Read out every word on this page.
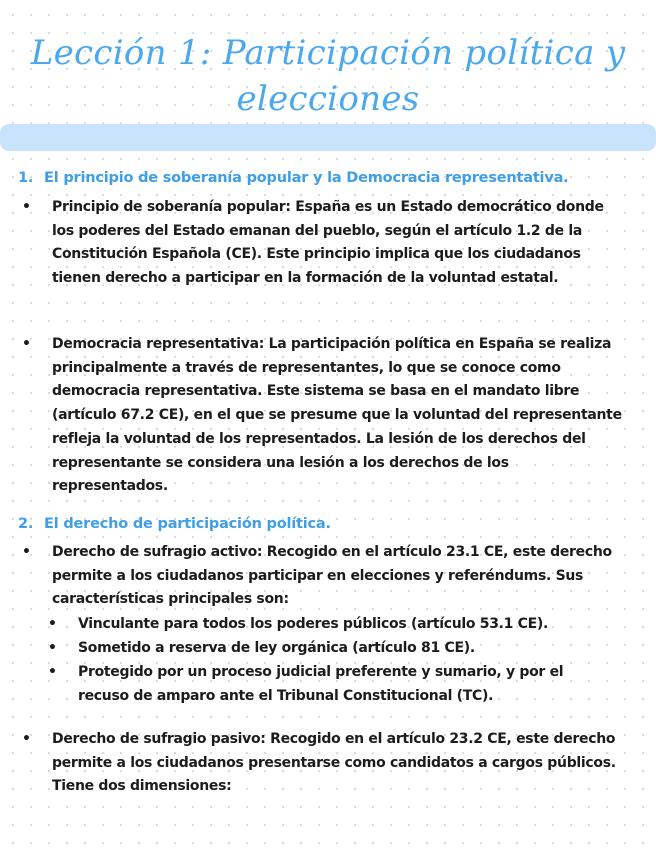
Lección 1: Participación política y
elecciones
1. El principio de soberanía popular y la Democracia representativa.
• Principio de soberanía popular: España es un Estado democrático donde los poderes del Estado emanan del pueblo, según el artículo 1.2 de la Constitución Española (CE). Este principio implica que los ciudadanos tienen derecho a participar en la formación de la voluntad estatal.
• Democracia representativa: La participación política en España se realiza principalmente a través de representantes, lo que se conoce como democracia representativa. Este sistema se basa en el mandato libre (artículo 67.2 CE), en el que se presume que la voluntad del representante refleja la voluntad de los representados. La lesión de los derechos del representante se considera una lesión a los derechos de los representados.
2. El derecho de participación política.
• Derecho de sufragio activo: Recogido en el artículo 23.1 CE, este derecho permite a los ciudadanos participar en elecciones y referéndums. Sus características principales son:
• Vinculante para todos los poderes públicos (artículo 53.1 CE).
• Sometido a reserva de ley orgánica (artículo 81 CE).
• Protegido por un proceso judicial preferente y sumario, y por el recuso de amparo ante el Tribunal Constitucional (TC).
• Derecho de sufragio pasivo: Recogido en el artículo 23.2 CE, este derecho permite a los ciudadanos presentarse como candidatos a cargos públicos. Tiene dos dimensiones:
